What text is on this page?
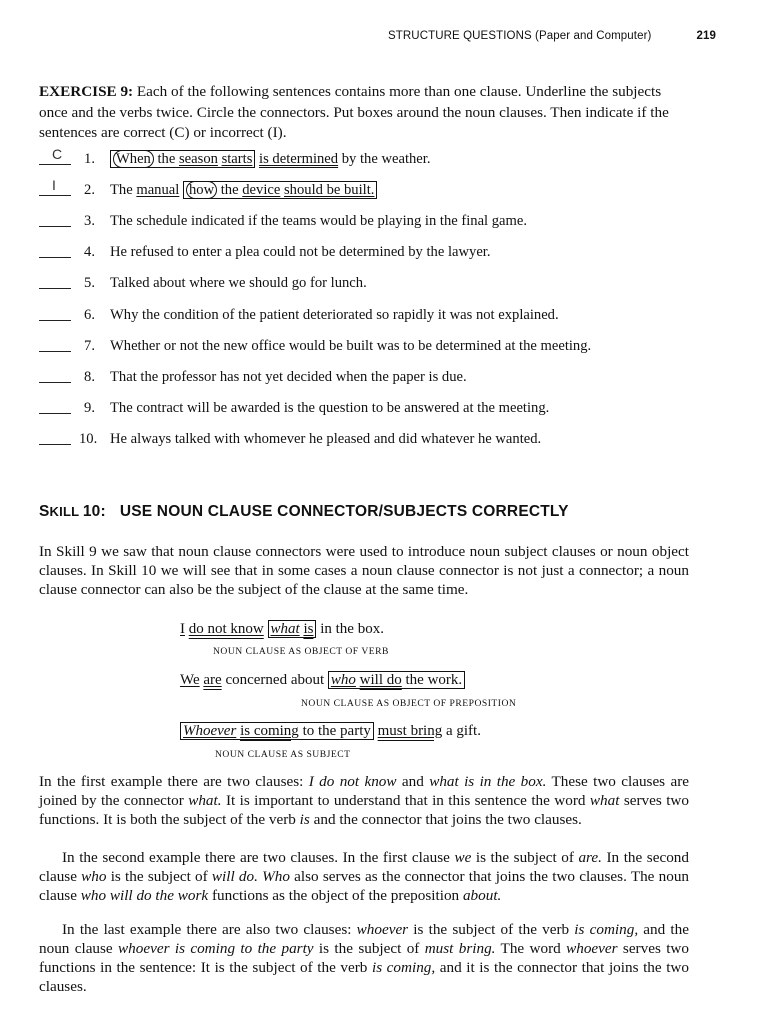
STRUCTURE QUESTIONS (Paper and Computer)	219
EXERCISE 9: Each of the following sentences contains more than one clause. Underline the subjects once and the verbs twice. Circle the connectors. Put boxes around the noun clauses. Then indicate if the sentences are correct (C) or incorrect (I).
C	1.	When the season starts is determined by the weather.
I	2. The manual how the device should be built.
3. The schedule indicated if the teams would be playing in the final game.
4. He refused to enter a plea could not be determined by the lawyer.
5. Talked about where we should go for lunch.
6. Why the condition of the patient deteriorated so rapidly it was not explained.
7. Whether or not the new office would be built was to be determined at the meeting.
8. That the professor has not yet decided when the paper is due.
9. The contract will be awarded is the question to be answered at the meeting.
10. He always talked with whomever he pleased and did whatever he wanted.
SKILL 10: USE NOUN CLAUSE CONNECTOR/SUBJECTS CORRECTLY
In Skill 9 we saw that noun clause connectors were used to introduce noun subject clauses or noun object clauses. In Skill 10 we will see that in some cases a noun clause connector is not just a connector; a noun clause connector can also be the subject of the clause at the same time.
I do not know what is in the box.
NOUN CLAUSE AS OBJECT OF VERB
We are concerned about who will do the work.
NOUN CLAUSE AS OBJECT OF PREPOSITION
Whoever is coming to the party must bring a gift.
NOUN CLAUSE AS SUBJECT
In the first example there are two clauses: I do not know and what is in the box. These two clauses are joined by the connector what. It is important to understand that in this sentence the word what serves two functions. It is both the subject of the verb is and the connector that joins the two clauses.
In the second example there are two clauses. In the first clause we is the subject of are. In the second clause who is the subject of will do. Who also serves as the connector that joins the two clauses. The noun clause who will do the work functions as the object of the preposition about.
In the last example there are also two clauses: whoever is the subject of the verb is coming, and the noun clause whoever is coming to the party is the subject of must bring. The word whoever serves two functions in the sentence: It is the subject of the verb is coming, and it is the connector that joins the two clauses.
